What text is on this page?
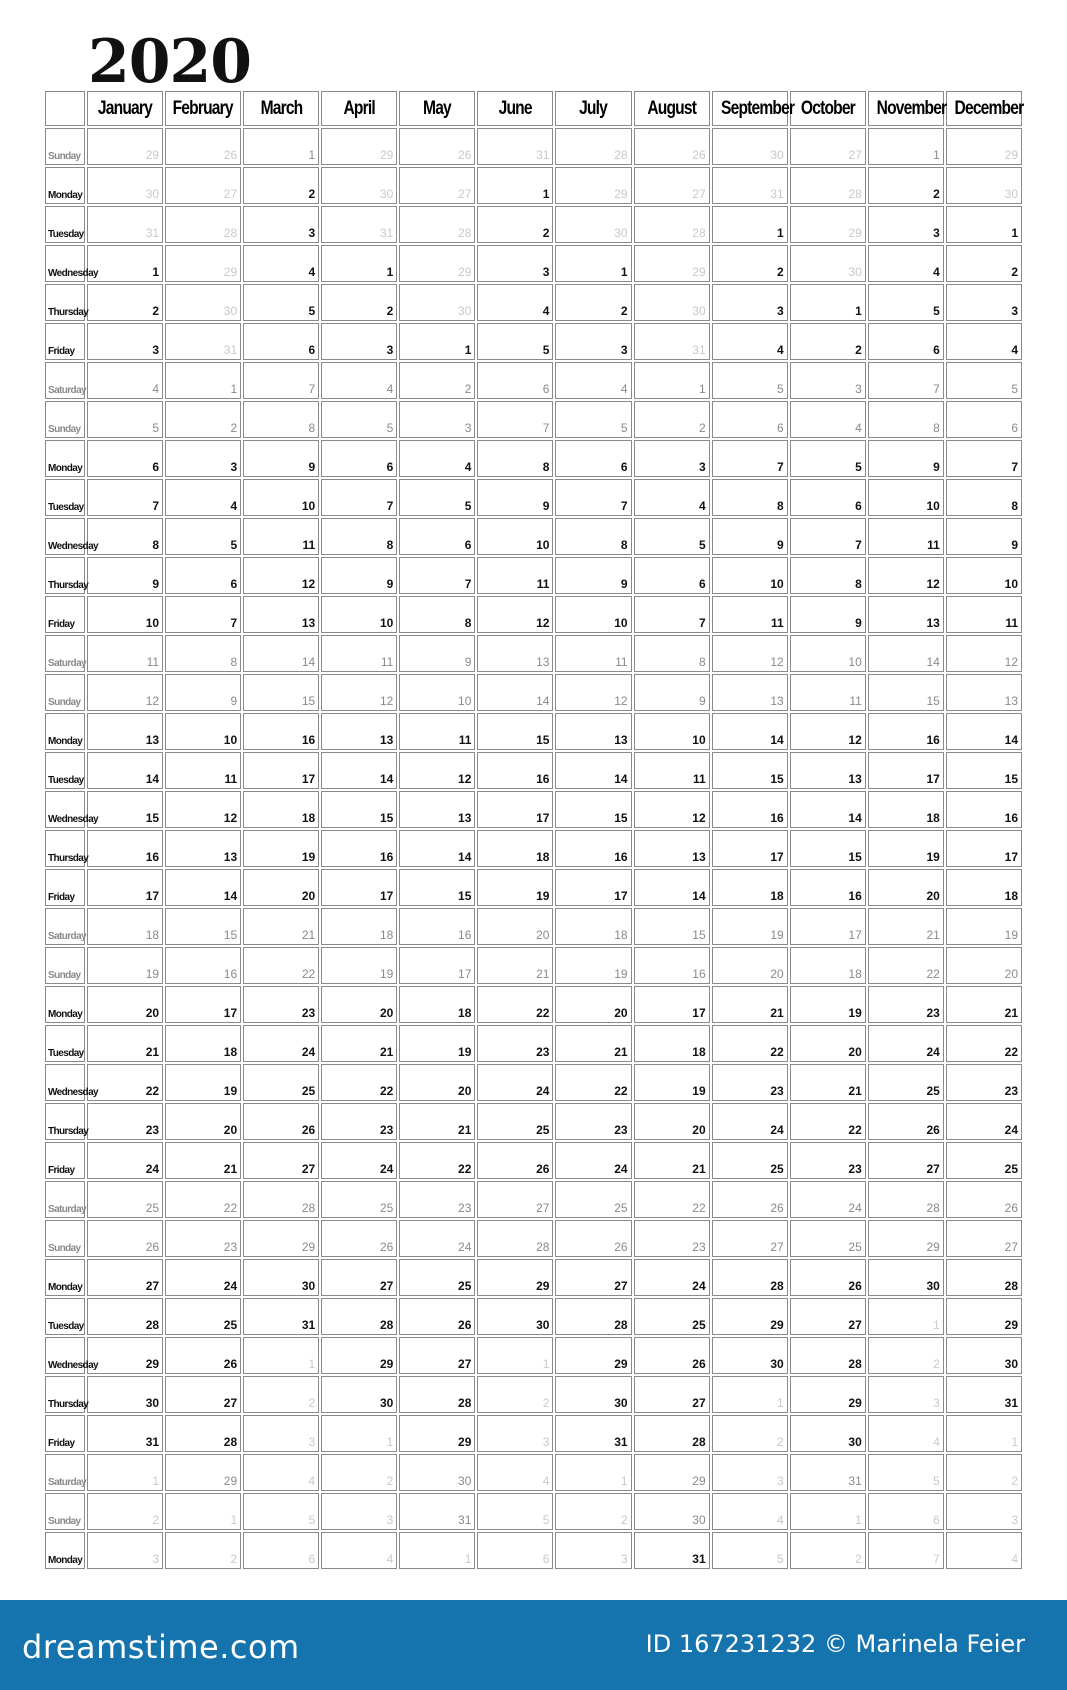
2020
	January	February	March	April	May	June	July	August	September	October	November	December
Sunday	29	26	1	29	26	31	28	26	30	27	1	29
Monday	30	27	2	30	27	1	29	27	31	28	2	30
Tuesday	31	28	3	31	28	2	30	28	1	29	3	1
Wednesday	1	29	4	1	29	3	1	29	2	30	4	2
Thursday	2	30	5	2	30	4	2	30	3	1	5	3
Friday	3	31	6	3	1	5	3	31	4	2	6	4
Saturday	4	1	7	4	2	6	4	1	5	3	7	5
Sunday	5	2	8	5	3	7	5	2	6	4	8	6
Monday	6	3	9	6	4	8	6	3	7	5	9	7
Tuesday	7	4	10	7	5	9	7	4	8	6	10	8
Wednesday	8	5	11	8	6	10	8	5	9	7	11	9
Thursday	9	6	12	9	7	11	9	6	10	8	12	10
Friday	10	7	13	10	8	12	10	7	11	9	13	11
Saturday	11	8	14	11	9	13	11	8	12	10	14	12
Sunday	12	9	15	12	10	14	12	9	13	11	15	13
Monday	13	10	16	13	11	15	13	10	14	12	16	14
Tuesday	14	11	17	14	12	16	14	11	15	13	17	15
Wednesday	15	12	18	15	13	17	15	12	16	14	18	16
Thursday	16	13	19	16	14	18	16	13	17	15	19	17
Friday	17	14	20	17	15	19	17	14	18	16	20	18
Saturday	18	15	21	18	16	20	18	15	19	17	21	19
Sunday	19	16	22	19	17	21	19	16	20	18	22	20
Monday	20	17	23	20	18	22	20	17	21	19	23	21
Tuesday	21	18	24	21	19	23	21	18	22	20	24	22
Wednesday	22	19	25	22	20	24	22	19	23	21	25	23
Thursday	23	20	26	23	21	25	23	20	24	22	26	24
Friday	24	21	27	24	22	26	24	21	25	23	27	25
Saturday	25	22	28	25	23	27	25	22	26	24	28	26
Sunday	26	23	29	26	24	28	26	23	27	25	29	27
Monday	27	24	30	27	25	29	27	24	28	26	30	28
Tuesday	28	25	31	28	26	30	28	25	29	27	1	29
Wednesday	29	26	1	29	27	1	29	26	30	28	2	30
Thursday	30	27	2	30	28	2	30	27	1	29	3	31
Friday	31	28	3	1	29	3	31	28	2	30	4	1
Saturday	1	29	4	2	30	4	1	29	3	31	5	2
Sunday	2	1	5	3	31	5	2	30	4	1	6	3
Monday	3	2	6	4	1	6	3	31	5	2	7	4
dreamstime.com	ID 167231232 © Marinela Feier
